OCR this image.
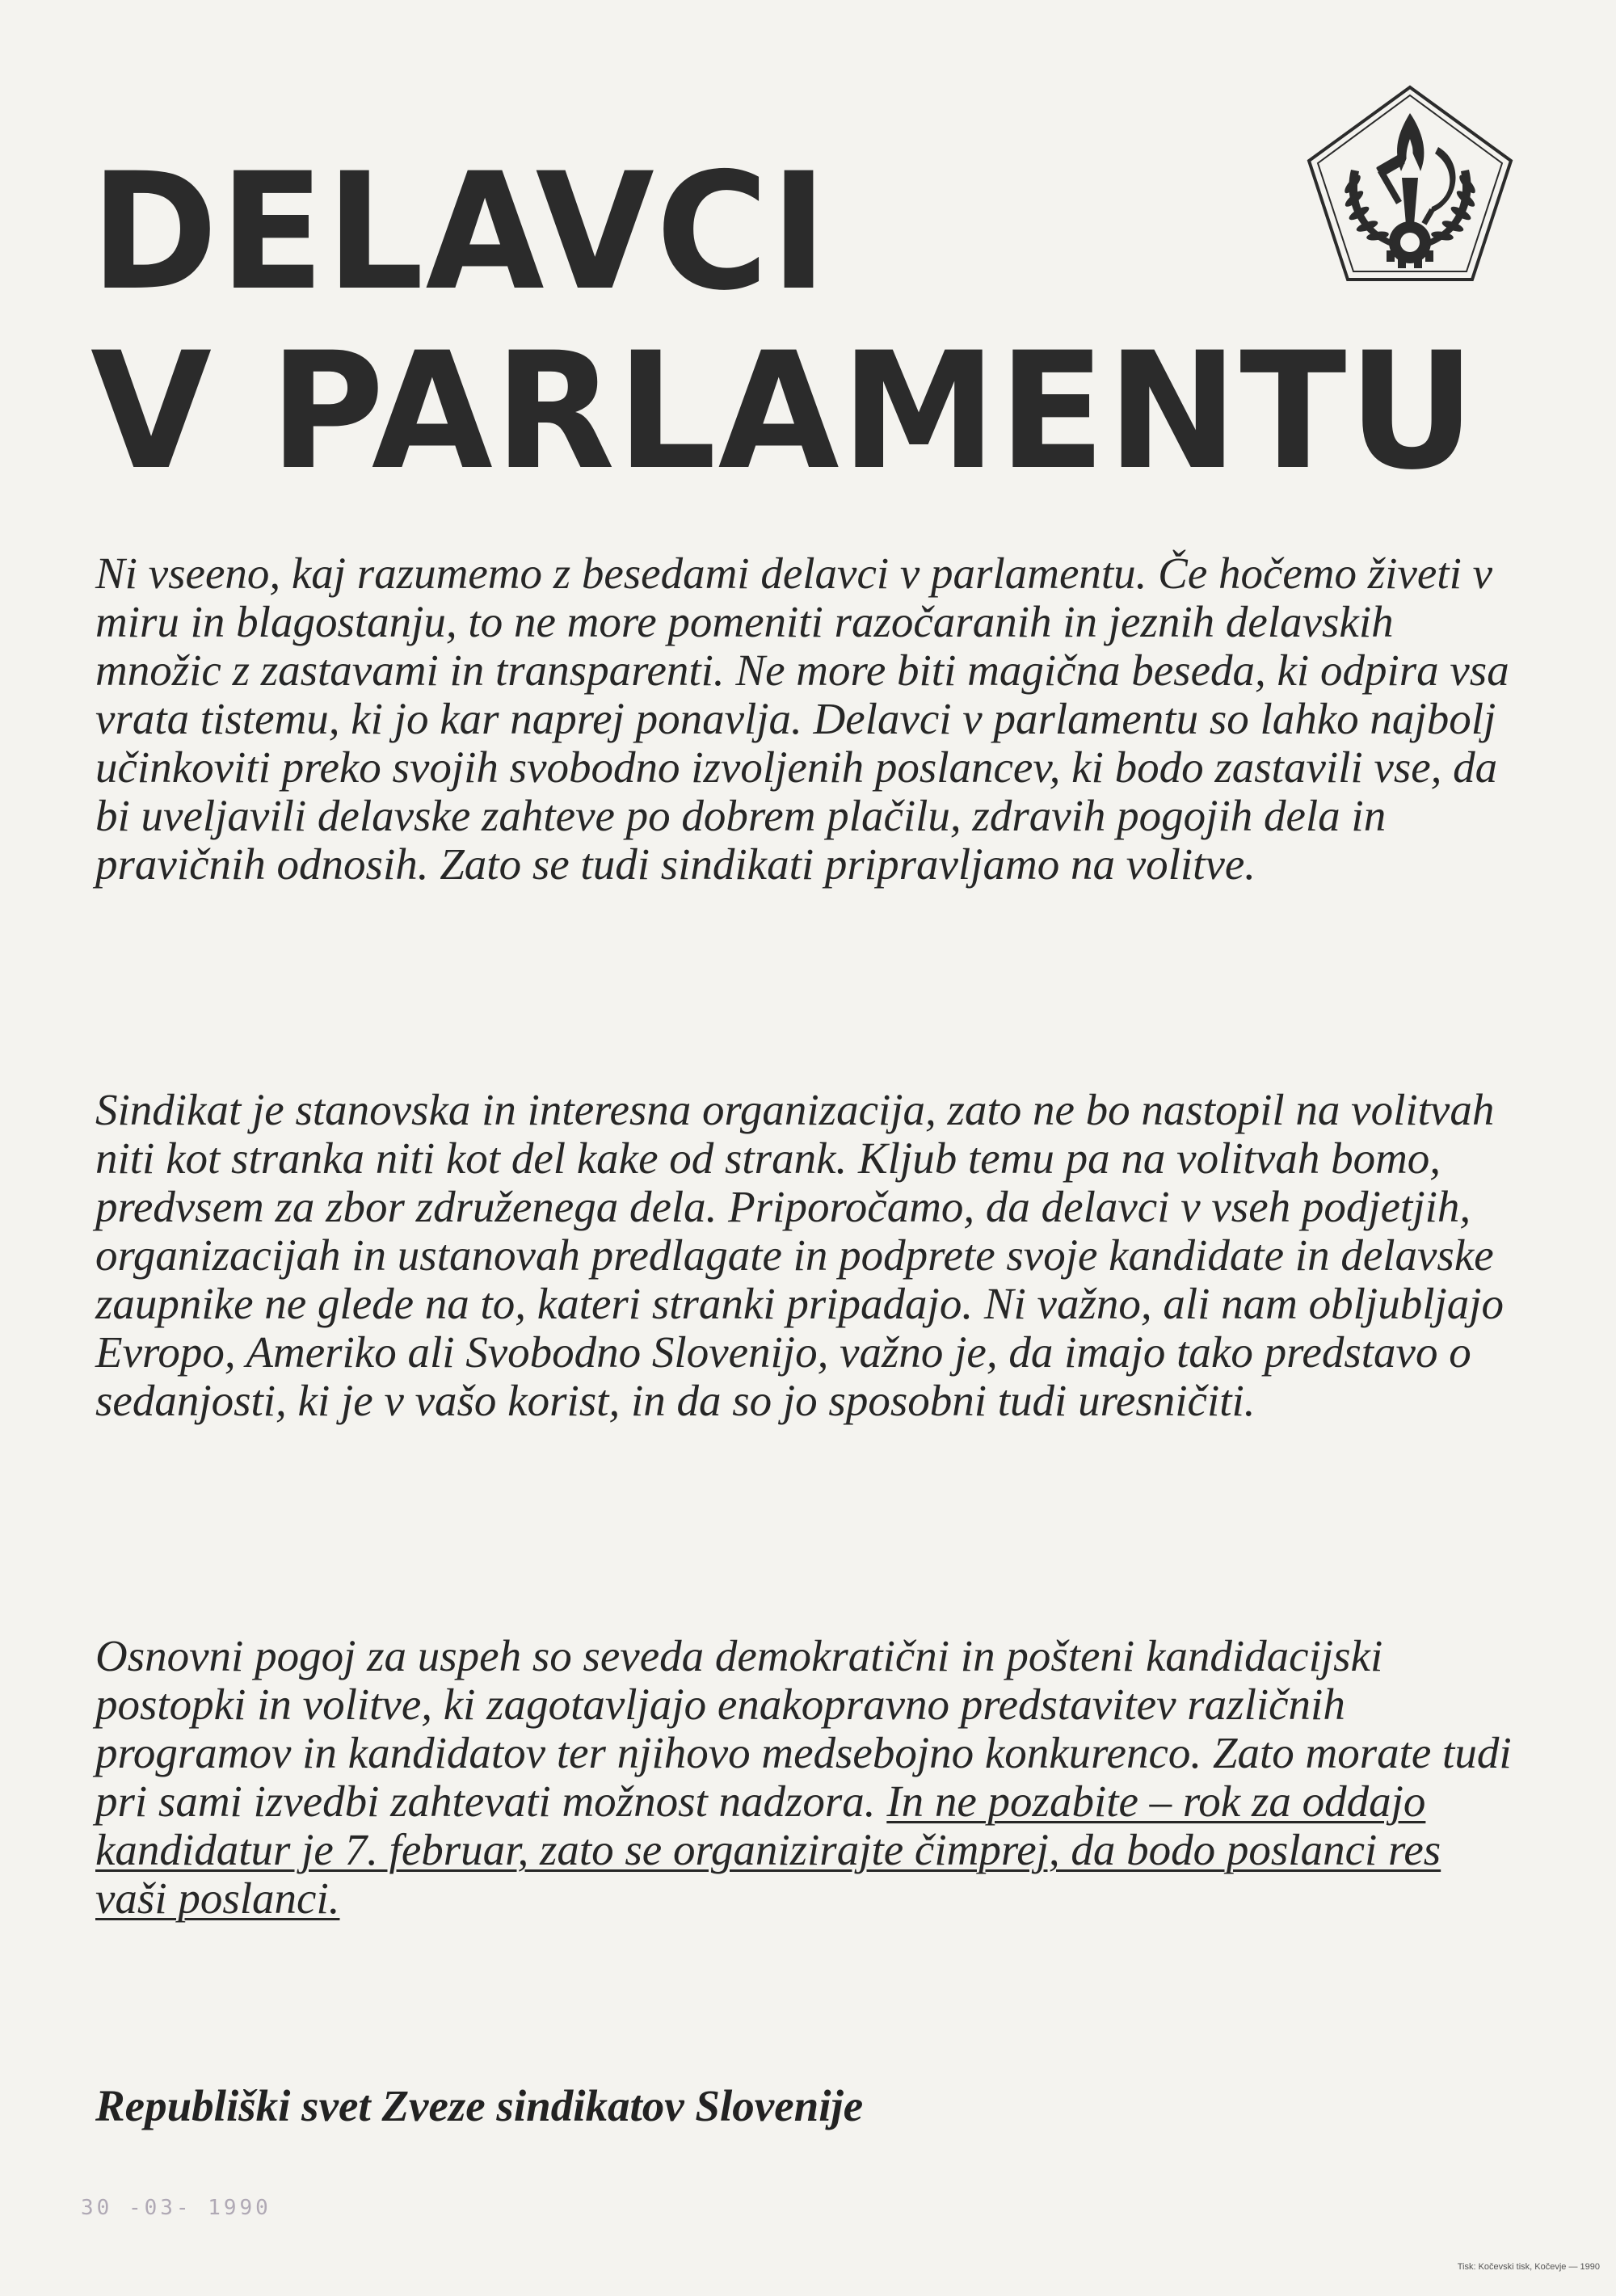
DELAVCI
V PARLAMENTU

Ni vseeno, kaj razumemo z besedami delavci v parlamentu. Če hočemo živeti v miru in blagostanju, to ne more pomeniti razočaranih in jeznih delavskih množic z zastavami in transparenti. Ne more biti magična beseda, ki odpira vsa vrata tistemu, ki jo kar naprej ponavlja. Delavci v parlamentu so lahko najbolj učinkoviti preko svojih svobodno izvoljenih poslancev, ki bodo zastavili vse, da bi uveljavili delavske zahteve po dobrem plačilu, zdravih pogojih dela in pravičnih odnosih. Zato se tudi sindikati pripravljamo na volitve.

Sindikat je stanovska in interesna organizacija, zato ne bo nastopil na volitvah niti kot stranka niti kot del kake od strank. Kljub temu pa na volitvah bomo, predvsem za zbor združenega dela. Priporočamo, da delavci v vseh podjetjih, organizacijah in ustanovah predlagate in podprete svoje kandidate in delavske zaupnike ne glede na to, kateri stranki pripadajo. Ni važno, ali nam obljubljajo Evropo, Ameriko ali Svobodno Slovenijo, važno je, da imajo tako predstavo o sedanjosti, ki je v vašo korist, in da so jo sposobni tudi uresničiti.

Osnovni pogoj za uspeh so seveda demokratični in pošteni kandidacijski postopki in volitve, ki zagotavljajo enakopravno predstavitev različnih programov in kandidatov ter njihovo medsebojno konkurenco. Zato morate tudi pri sami izvedbi zahtevati možnost nadzora. In ne pozabite – rok za oddajo kandidatur je 7. februar, zato se organizirajte čimprej, da bodo poslanci res vaši poslanci.

Republiški svet Zveze sindikatov Slovenije

30 -03- 1990
Tisk: Kočevski tisk, Kočevje — 1990
